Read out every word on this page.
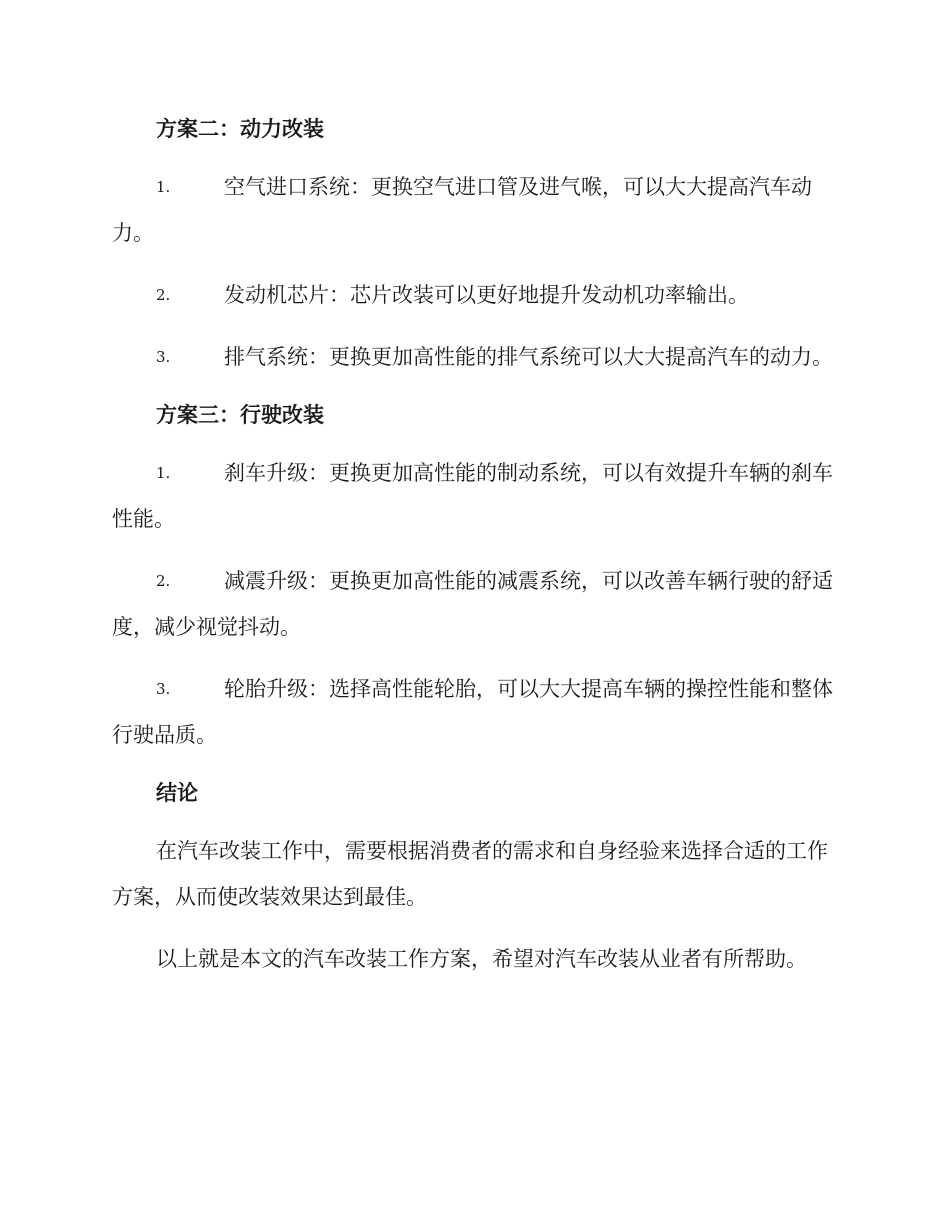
方案二：动力改装
1.	空气进口系统：更换空气进口管及进气喉，可以大大提高汽车动力。
2.	发动机芯片：芯片改装可以更好地提升发动机功率输出。
3.	排气系统：更换更加高性能的排气系统可以大大提高汽车的动力。
方案三：行驶改装
1.	刹车升级：更换更加高性能的制动系统，可以有效提升车辆的刹车性能。
2.	减震升级：更换更加高性能的减震系统，可以改善车辆行驶的舒适度，减少视觉抖动。
3.	轮胎升级：选择高性能轮胎，可以大大提高车辆的操控性能和整体行驶品质。
结论
在汽车改装工作中，需要根据消费者的需求和自身经验来选择合适的工作方案，从而使改装效果达到最佳。
以上就是本文的汽车改装工作方案，希望对汽车改装从业者有所帮助。
